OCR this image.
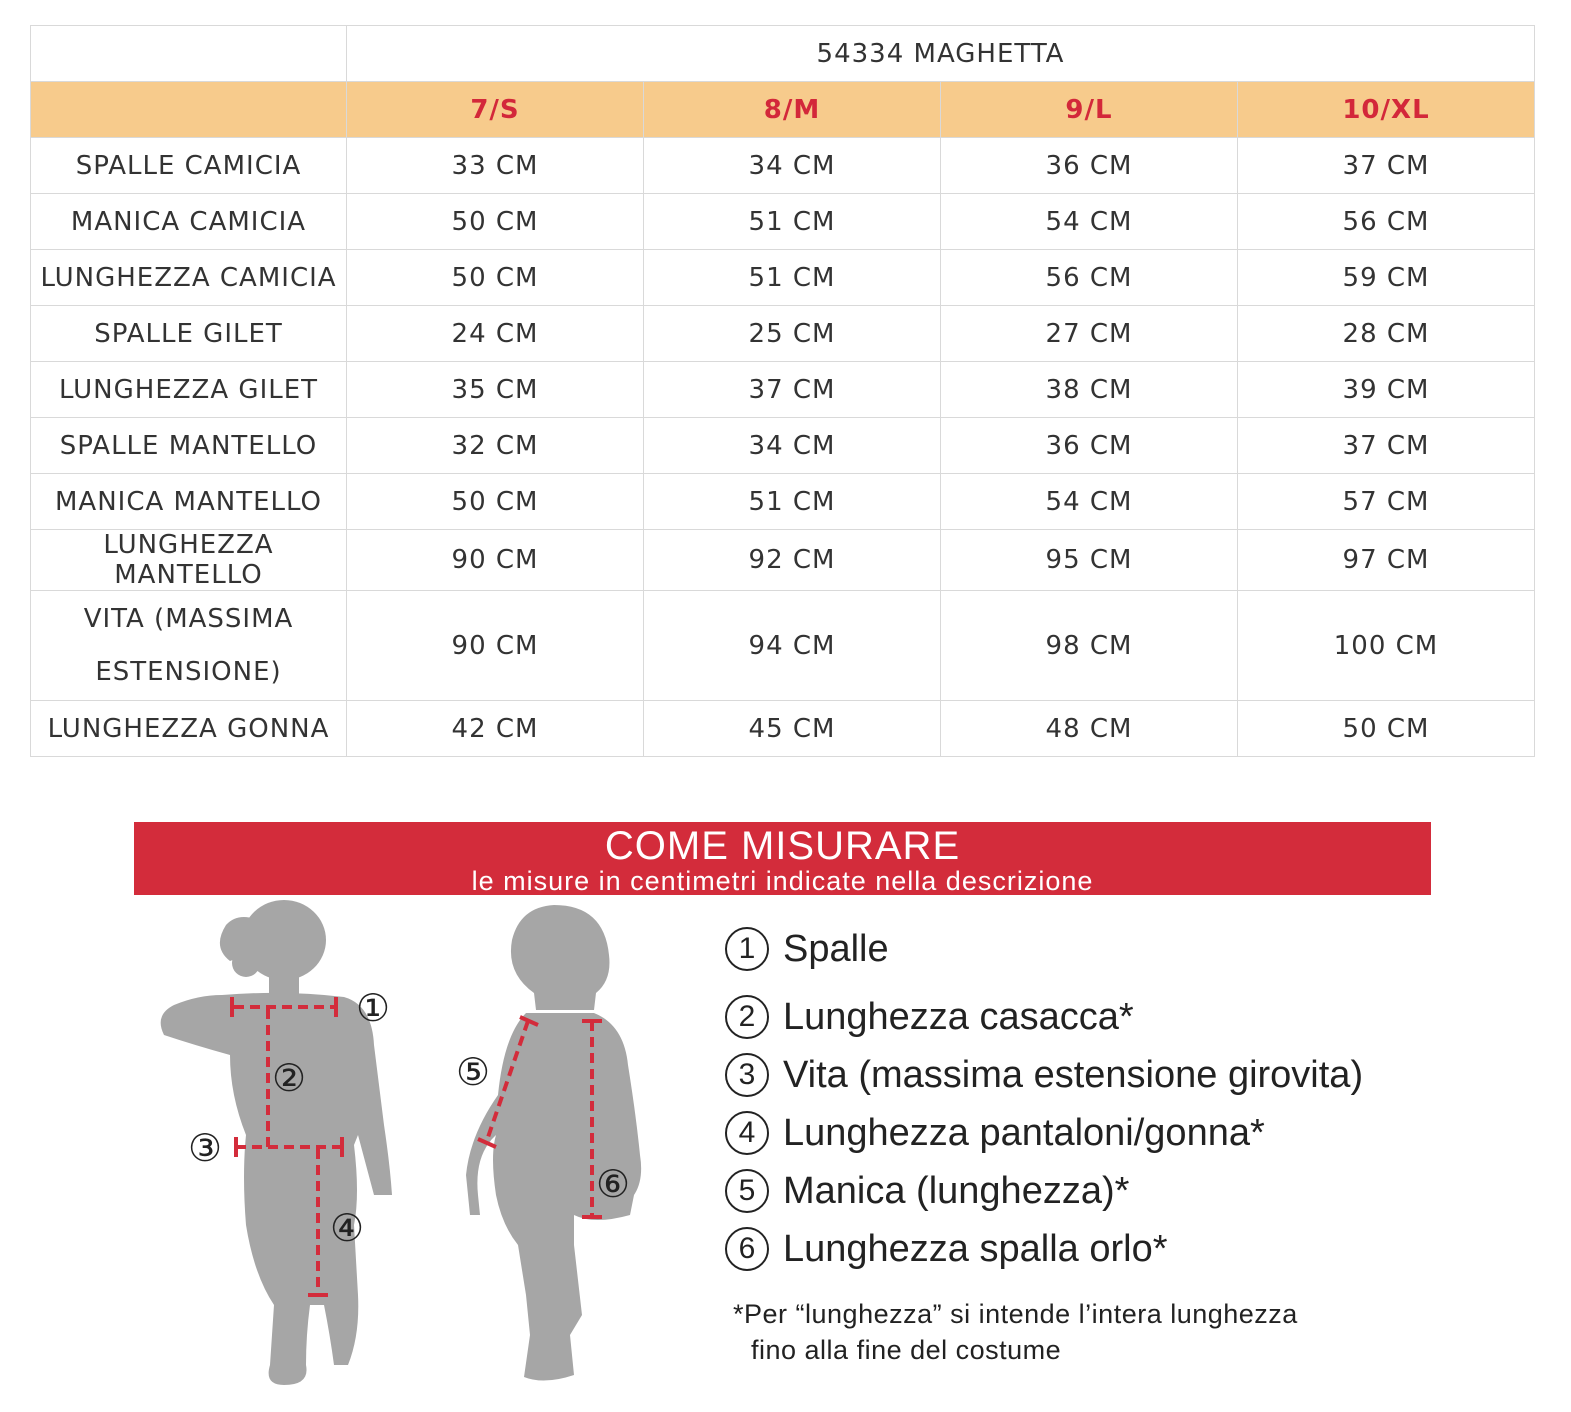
	54334 MAGHETTA			
	7/S	8/M	9/L	10/XL
SPALLE CAMICIA	33 CM	34 CM	36 CM	37 CM
MANICA CAMICIA	50 CM	51 CM	54 CM	56 CM
LUNGHEZZA CAMICIA	50 CM	51 CM	56 CM	59 CM
SPALLE GILET	24 CM	25 CM	27 CM	28 CM
LUNGHEZZA GILET	35 CM	37 CM	38 CM	39 CM
SPALLE MANTELLO	32 CM	34 CM	36 CM	37 CM
MANICA MANTELLO	50 CM	51 CM	54 CM	57 CM
LUNGHEZZA MANTELLO	90 CM	92 CM	95 CM	97 CM
VITA (MASSIMA
ESTENSIONE)	90 CM	94 CM	98 CM	100 CM
LUNGHEZZA GONNA	42 CM	45 CM	48 CM	50 CM
COME MISURARE
le misure in centimetri indicate nella descrizione
①
②
③
④
⑤
⑥
1 Spalle
2 Lunghezza casacca*
3 Vita (massima estensione girovita)
4 Lunghezza pantaloni/gonna*
5 Manica (lunghezza)*
6 Lunghezza spalla orlo*
*Per “lunghezza” si intende l’intera lunghezza

fino alla fine del costume
